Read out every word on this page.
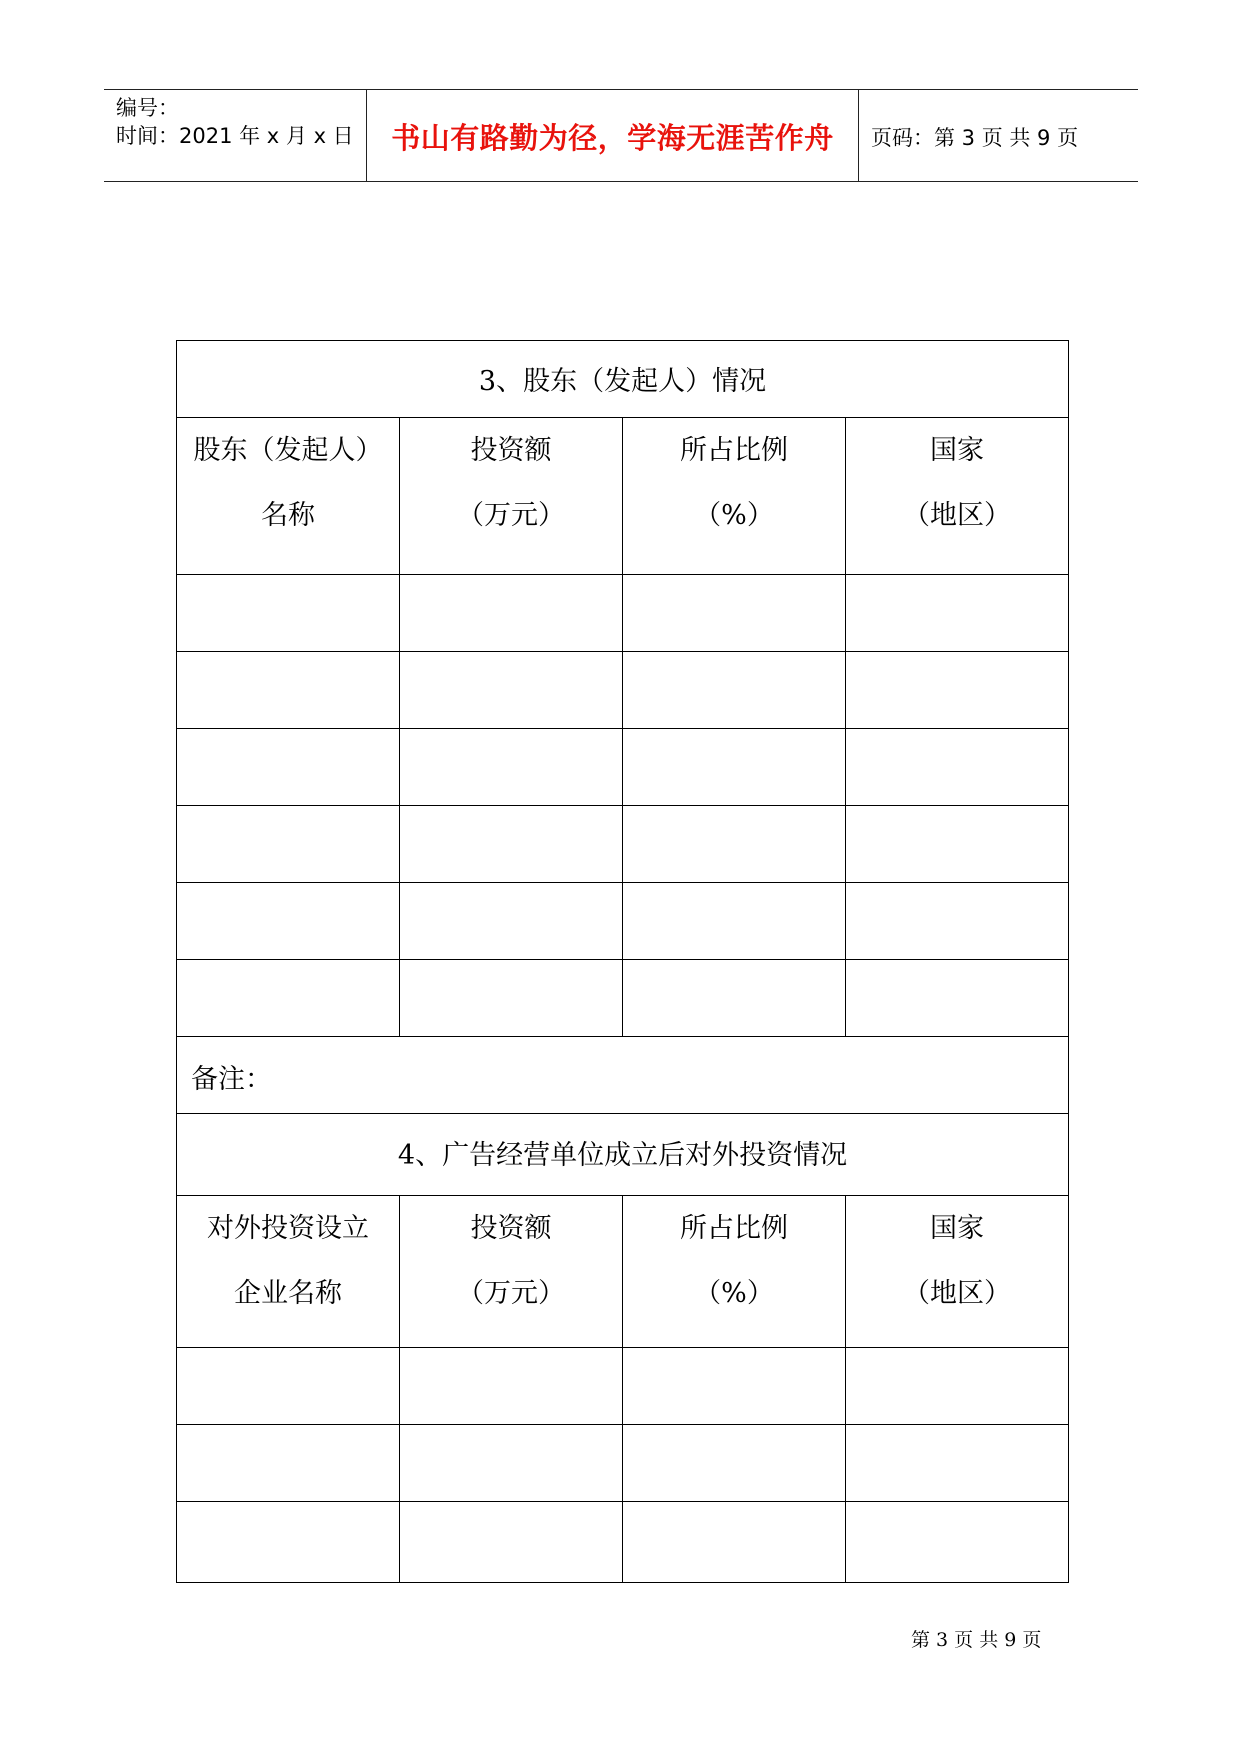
编号：
时间：2021 年 x 月 x 日	书山有路勤为径，学海无涯苦作舟	页码：第 3 页 共 9 页
3、股东（发起人）情况
股东（发起人）
名称
投资额
（万元）
所占比例
（%）
国家
（地区）
备注：
4、广告经营单位成立后对外投资情况
对外投资设立
企业名称
投资额
（万元）
所占比例
（%）
国家
（地区）
第 3 页 共 9 页
